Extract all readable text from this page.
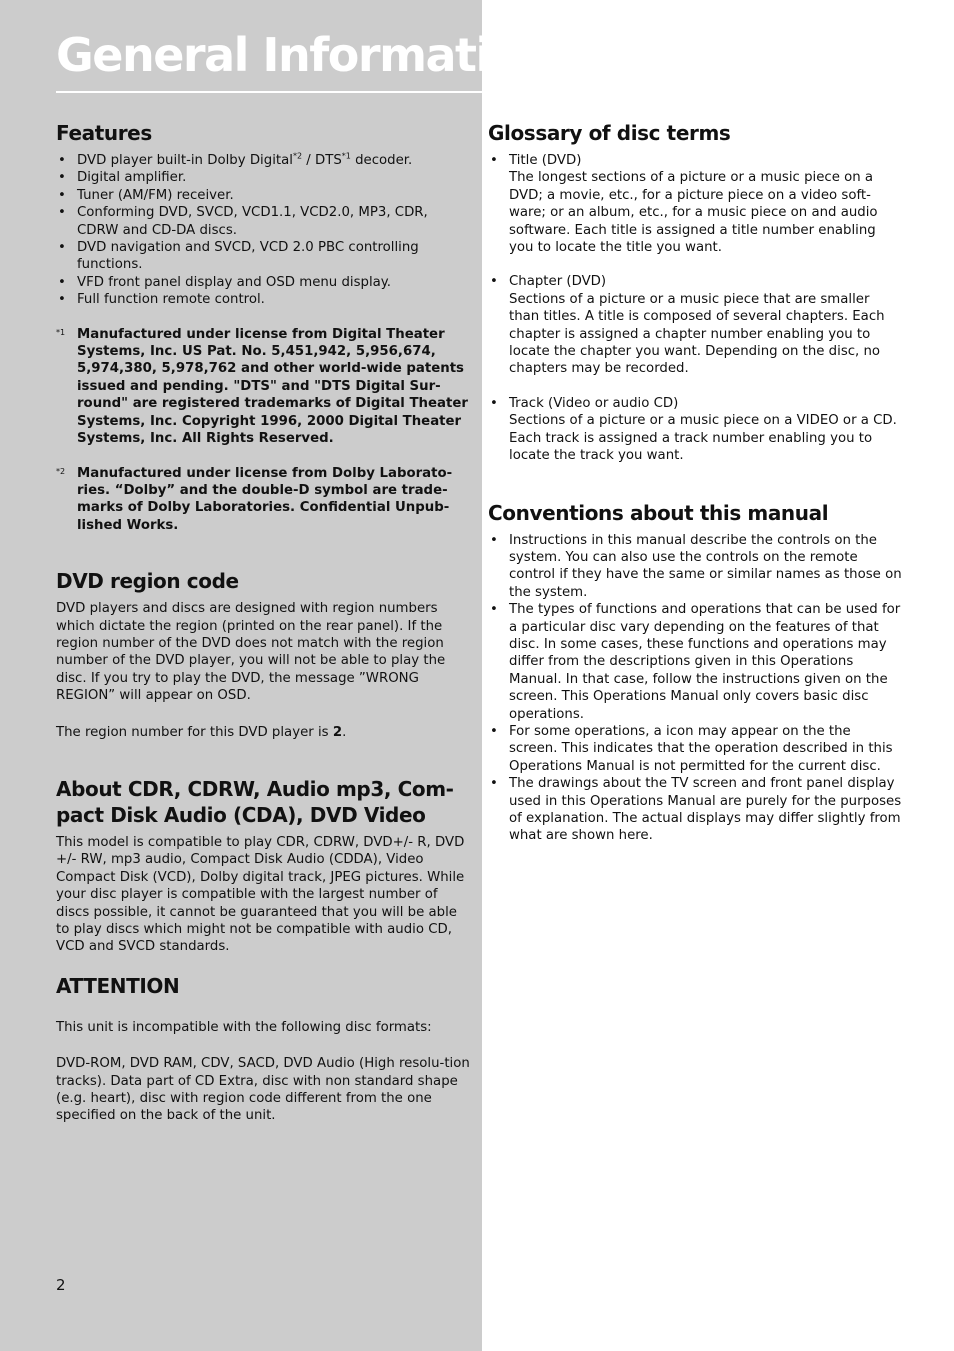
General Information
Features
• DVD player built-in Dolby Digital$^{*2}$ / DTS$^{*1}$ decoder.
• Digital amplifier.
• Tuner (AM/FM) receiver.
• Conforming DVD, SVCD, VCD1.1, VCD2.0, MP3, CDR, CDRW and CD-DA discs.
• DVD navigation and SVCD, VCD 2.0 PBC controlling functions.
• VFD front panel display and OSD menu display.
• Full function remote control.
*1 Manufactured under license from Digital Theater Systems, Inc. US Pat. No. 5,451,942, 5,956,674, 5,974,380, 5,978,762 and other world-wide patents issued and pending. "DTS" and "DTS Digital Sur-round" are registered trademarks of Digital Theater Systems, Inc. Copyright 1996, 2000 Digital Theater Systems, Inc. All Rights Reserved.
*2 Manufactured under license from Dolby Laborato-ries. “Dolby” and the double-D symbol are trade-marks of Dolby Laboratories. Confidential Unpub-lished Works.
DVD region code

DVD players and discs are designed with region numbers which dictate the region (printed on the rear panel). If the region number of the DVD does not match with the region number of the DVD player, you will not be able to play the disc. If you try to play the DVD, the message ”WRONG REGION” will appear on OSD.

The region number for this DVD player is 2.

About CDR, CDRW, Audio mp3, Com-pact Disk Audio (CDA), DVD Video

This model is compatible to play CDR, CDRW, DVD+/- R, DVD +/- RW, mp3 audio, Compact Disk Audio (CDDA), Video Compact Disk (VCD), Dolby digital track, JPEG pictures. While your disc player is compatible with the largest number of discs possible, it cannot be guaranteed that you will be able to play discs which might not be compatible with audio CD, VCD and SVCD standards.

ATTENTION

This unit is incompatible with the following disc formats:

DVD-ROM, DVD RAM, CDV, SACD, DVD Audio (High resolu-tion tracks). Data part of CD Extra, disc with non standard shape (e.g. heart), disc with region code different from the one specified on the back of the unit.

Glossary of disc terms
• Title (DVD)
The longest sections of a picture or a music piece on a DVD; a movie, etc., for a picture piece on a video soft-ware; or an album, etc., for a music piece on and audio software. Each title is assigned a title number enabling you to locate the title you want.
• Chapter (DVD)
Sections of a picture or a music piece that are smaller than titles. A title is composed of several chapters. Each chapter is assigned a chapter number enabling you to locate the chapter you want. Depending on the disc, no chapters may be recorded.
• Track (Video or audio CD)
Sections of a picture or a music piece on a VIDEO or a CD. Each track is assigned a track number enabling you to locate the track you want.
Conventions about this manual
• Instructions in this manual describe the controls on the system. You can also use the controls on the remote control if they have the same or similar names as those on the system.
• The types of functions and operations that can be used for a particular disc vary depending on the features of that disc. In some cases, these functions and operations may differ from the descriptions given in this Operations Manual. In that case, follow the instructions given on the screen. This Operations Manual only covers basic disc operations.
• For some operations, a icon may appear on the the screen. This indicates that the operation described in this Operations Manual is not permitted for the current disc.
• The drawings about the TV screen and front panel display used in this Operations Manual are purely for the purposes of explanation. The actual displays may differ slightly from what are shown here.
2
